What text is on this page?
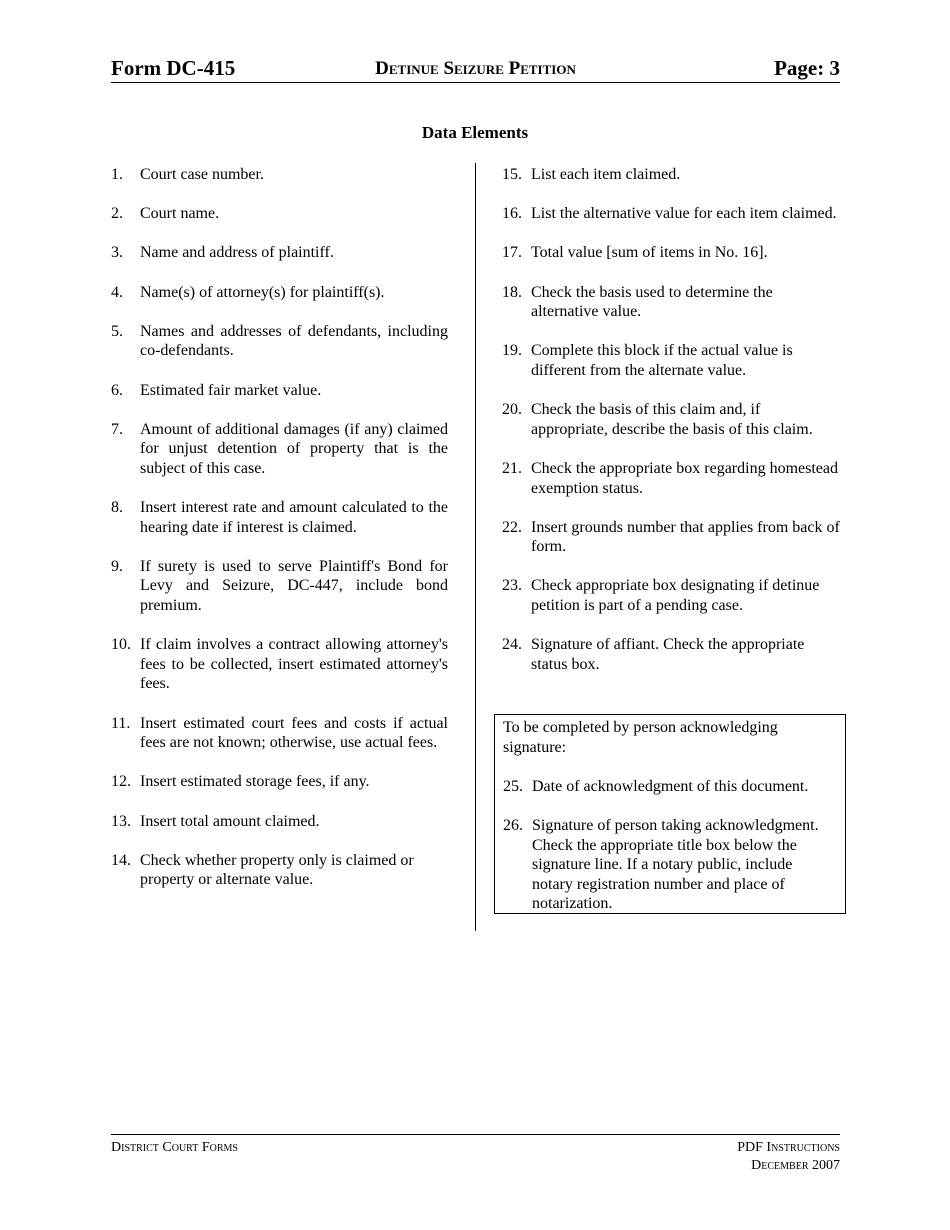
Form DC-415	Detinue Seizure Petition	Page: 3
Data Elements
1. Court case number.
2. Court name.
3. Name and address of plaintiff.
4. Name(s) of attorney(s) for plaintiff(s).
5. Names and addresses of defendants, including co-defendants.
6. Estimated fair market value.
7. Amount of additional damages (if any) claimed for unjust detention of property that is the subject of this case.
8. Insert interest rate and amount calculated to the hearing date if interest is claimed.
9. If surety is used to serve Plaintiff's Bond for Levy and Seizure, DC-447, include bond premium.
10. If claim involves a contract allowing attorney's fees to be collected, insert estimated attorney's fees.
11. Insert estimated court fees and costs if actual fees are not known; otherwise, use actual fees.
12. Insert estimated storage fees, if any.
13. Insert total amount claimed.
14. Check whether property only is claimed or property or alternate value.
15. List each item claimed.
16. List the alternative value for each item claimed.
17. Total value [sum of items in No. 16].
18. Check the basis used to determine the alternative value.
19. Complete this block if the actual value is different from the alternate value.
20. Check the basis of this claim and, if appropriate, describe the basis of this claim.
21. Check the appropriate box regarding homestead exemption status.
22. Insert grounds number that applies from back of form.
23. Check appropriate box designating if detinue petition is part of a pending case.
24. Signature of affiant. Check the appropriate status box.
To be completed by person acknowledging signature:
25. Date of acknowledgment of this document.
26. Signature of person taking acknowledgment. Check the appropriate title box below the signature line. If a notary public, include notary registration number and place of notarization.
District Court Forms	PDF Instructions
December 2007
